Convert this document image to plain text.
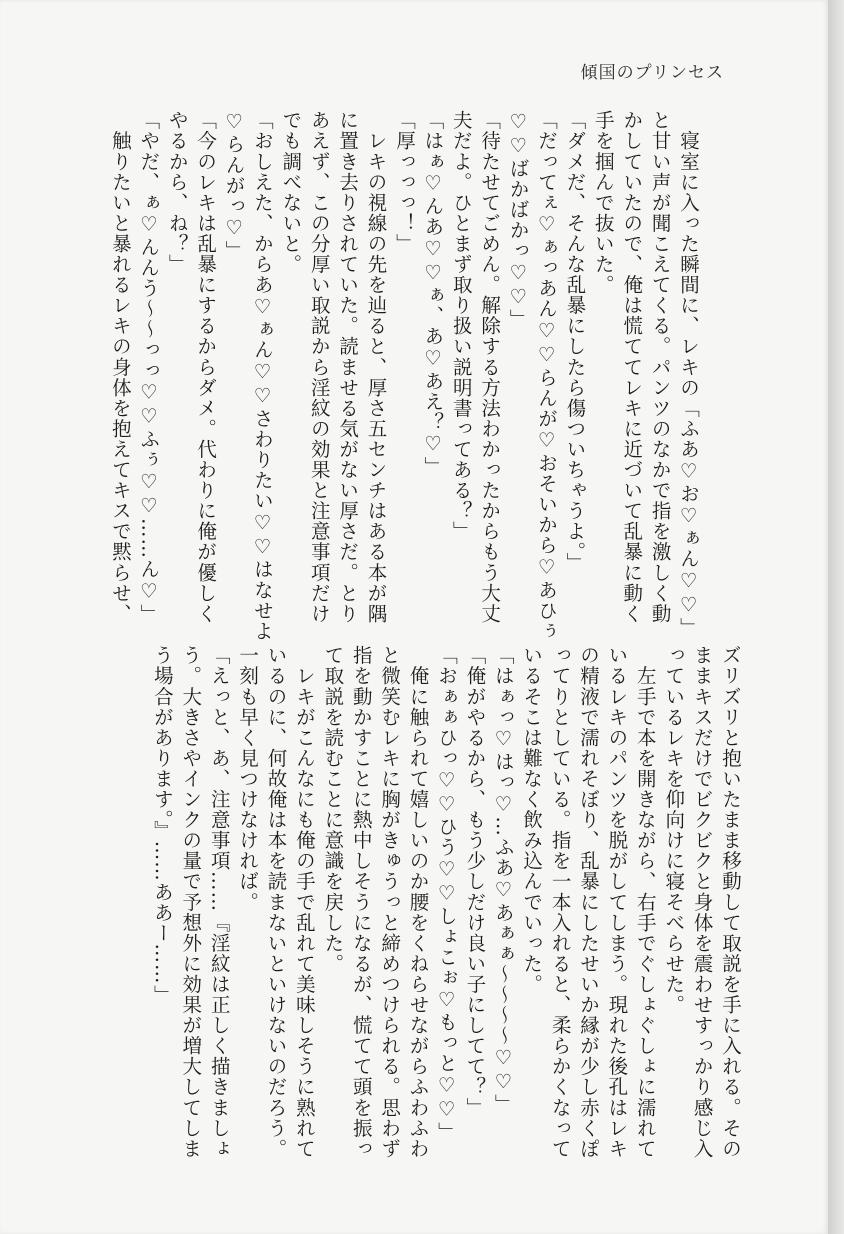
傾国のプリンセス

　寝室に入った瞬間に、レキの「ふあ♡お♡ぁん♡♡」

と甘い声が聞こえてくる。パンツのなかで指を激しく動

かしていたので、俺は慌ててレキに近づいて乱暴に動く

手を掴んで抜いた。

「ダメだ、そんな乱暴にしたら傷ついちゃうよ。」

「だってぇ♡ぁっあん♡♡らんが♡おそいから♡あひぅ

♡♡ばかばかっ♡♡」

「待たせてごめん。解除する方法わかったからもう大丈

夫だよ。ひとまず取り扱い説明書ってある？」

「はぁ♡んあ♡♡ぁ、あ♡あえ？♡」

「厚っっっ！」

　レキの視線の先を辿ると、厚さ五センチはある本が隅

に置き去りされていた。読ませる気がない厚さだ。とり

あえず、この分厚い取説から淫紋の効果と注意事項だけ

でも調べないと。

「おしえた、からあ♡ぁん♡♡さわりたい♡♡はなせよ

♡らんがっ♡」

「今のレキは乱暴にするからダメ。代わりに俺が優しく

やるから、ね？」

「やだ、ぁ♡んんう〜〜っっ♡♡ふぅ♡♡……ん♡」

　触りたいと暴れるレキの身体を抱えてキスで黙らせ、

ズリズリと抱いたまま移動して取説を手に入れる。その

ままキスだけでビクビクと身体を震わせすっかり感じ入

っているレキを仰向けに寝そべらせた。

　左手で本を開きながら、右手でぐしょぐしょに濡れて

いるレキのパンツを脱がしてしまう。現れた後孔はレキ

の精液で濡れそぼり、乱暴にしたせいか縁が少し赤くぽ

ってりとしている。指を一本入れると、柔らかくなって

いるそこは難なく飲み込んでいった。

「はぁっ♡はっ♡…ふあ♡あぁぁ〜〜〜〜♡♡」

「俺がやるから、もう少しだけ良い子にしてて？」

「おぁぁひっ♡♡ひう♡♡しょこぉ♡もっと♡♡」

　俺に触られて嬉しいのか腰をくねらせながらふわふわ

と微笑むレキに胸がきゅうっと締めつけられる。思わず

指を動かすことに熱中しそうになるが、慌てて頭を振っ

て取説を読むことに意識を戻した。

　レキがこんなにも俺の手で乱れて美味しそうに熟れて

いるのに、何故俺は本を読まないといけないのだろう。

一刻も早く見つけなければ。

「えっと、あ、注意事項……『淫紋は正しく描きましょ

う。大きさやインクの量で予想外に効果が増大してしま

う場合があります。』……ああー……」
